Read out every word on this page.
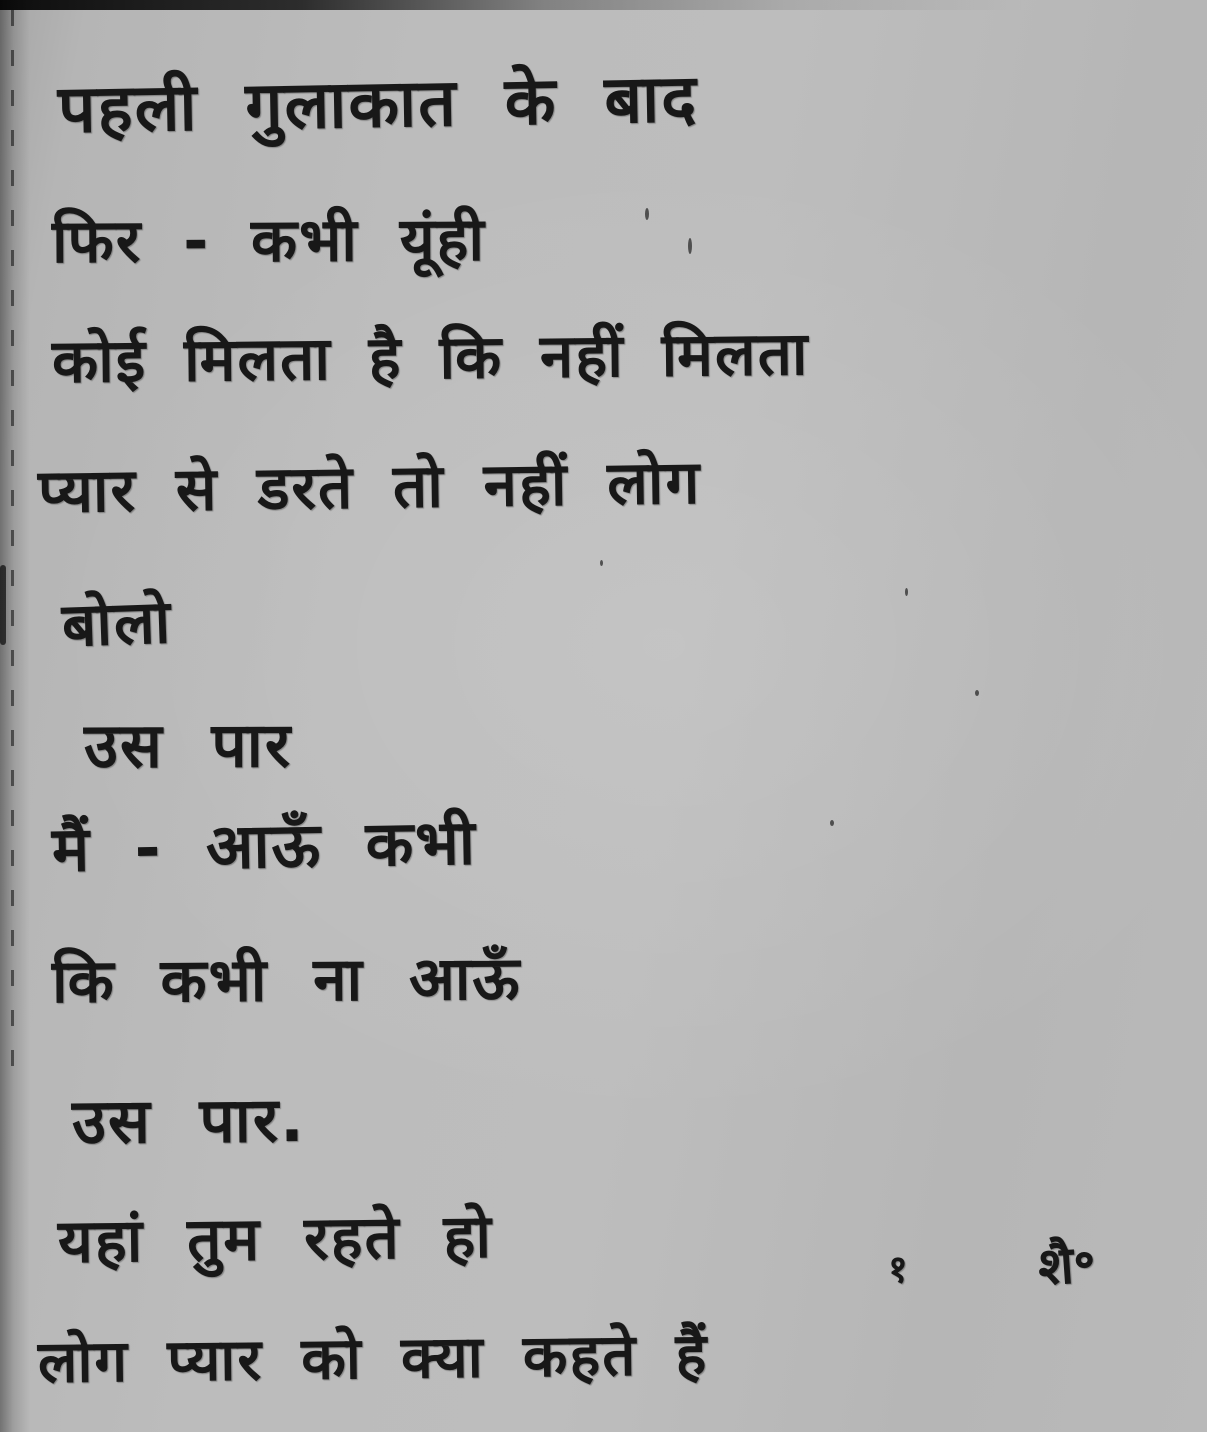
पहली गुलाकात के बाद
फिर - कभी यूंही
कोई मिलता है कि नहीं मिलता
प्यार से डरते तो नहीं लोग
बोलो
उस पार
मैं - आऊँ कभी
कि कभी ना आऊँ
उस पार.
यहां तुम रहते हो
लोग प्यार को क्या कहते हैं
१ शै॰
